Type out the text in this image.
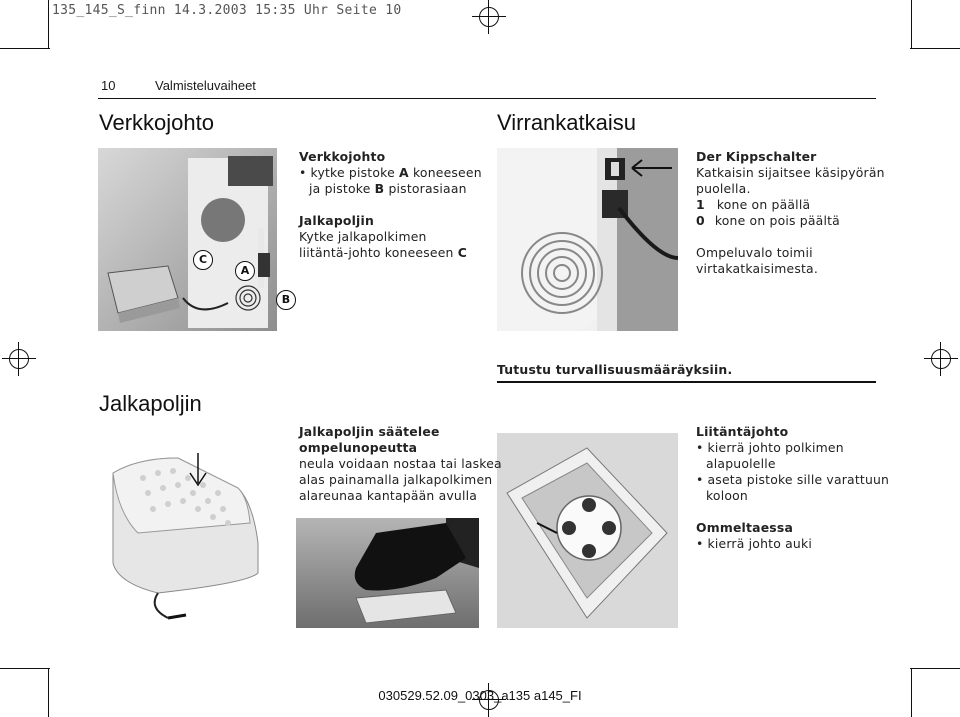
135_145_S_finn 14.3.2003 15:35 Uhr Seite 10
10	Valmisteluvaiheet
Verkkojohto
C
A
B
Verkkojohto
• kytke pistoke A koneeseen
ja pistoke B pistorasiaan
Jalkapoljin
Kytke jalkapolkimen
liitäntä-johto koneeseen C
Virrankatkaisu
Der Kippschalter
Katkaisin sijaitsee käsipyörän
puolella.
1 kone on päällä
0 kone on pois päältä
Ompeluvalo toimii
virtakatkaisimesta.
Tutustu turvallisuusmääräyksiin.
Jalkapoljin
Jalkapoljin säätelee
ompelunopeutta
neula voidaan nostaa tai laskea
alas painamalla jalkapolkimen
alareunaa kantapään avulla
Liitäntäjohto
• kierrä johto polkimen
alapuolelle
• aseta pistoke sille varattuun
koloon
Ommeltaessa
• kierrä johto auki
030529.52.09_0303_a135 a145_FI
